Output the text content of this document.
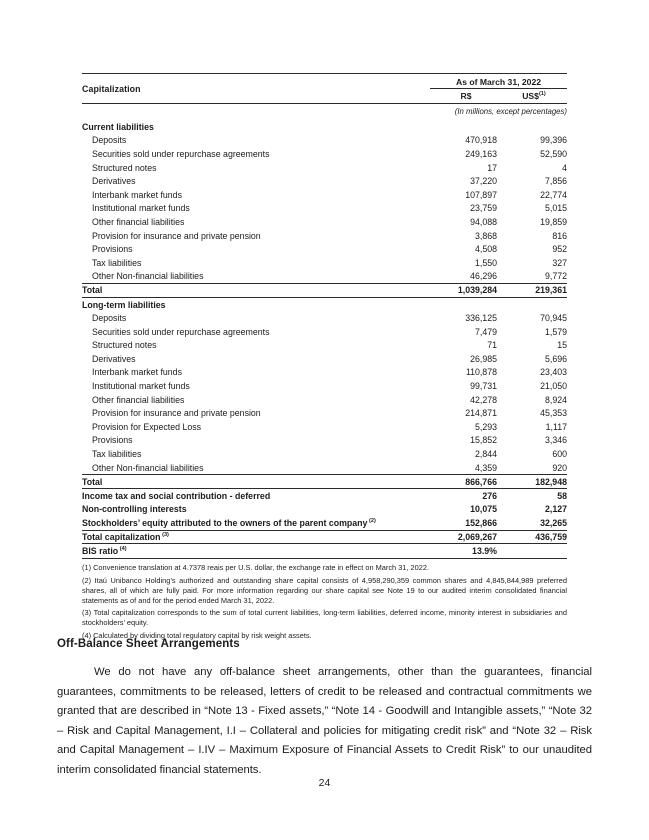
Capitalization
As of March 31, 2022
R$	US\$$^{(1)}$
(In millions, except percentages)
Current liabilities
Deposits	470,918	99,396
Securities sold under repurchase agreements	249,163	52,590
Structured notes	17	4
Derivatives	37,220	7,856
Interbank market funds	107,897	22,774
Institutional market funds	23,759	5,015
Other financial liabilities	94,088	19,859
Provision for insurance and private pension	3,868	816
Provisions	4,508	952
Tax liabilities	1,550	327
Other Non-financial liabilities	46,296	9,772
Total	1,039,284	219,361
Long-term liabilities
Deposits	336,125	70,945
Securities sold under repurchase agreements	7,479	1,579
Structured notes	71	15
Derivatives	26,985	5,696
Interbank market funds	110,878	23,403
Institutional market funds	99,731	21,050
Other financial liabilities	42,278	8,924
Provision for insurance and private pension	214,871	45,353
Provision for Expected Loss	5,293	1,117
Provisions	15,852	3,346
Tax liabilities	2,844	600
Other Non-financial liabilities	4,359	920
Total	866,766	182,948
Income tax and social contribution - deferred	276	58
Non-controlling interests	10,075	2,127
Stockholders’ equity attributed to the owners of the parent company $^{(2)}$	152,866	32,265
Total capitalization $^{(3)}$	2,069,267	436,759
BIS ratio $^{(4)}$	13.9%

(1) Convenience translation at 4.7378 reais per U.S. dollar, the exchange rate in effect on March 31, 2022.

(2) Itaú Unibanco Holding’s authorized and outstanding share capital consists of 4,958,290,359 common shares and 4,845,844,989 preferred shares, all of which are fully paid. For more information regarding our share capital see Note 19 to our audited interim consolidated financial statements as of and for the period ended March 31, 2022.

(3) Total capitalization corresponds to the sum of total current liabilities, long-term liabilities, deferred income, minority interest in subsidiaries and stockholders’ equity.

(4) Calculated by dividing total regulatory capital by risk weight assets.

Off-Balance Sheet Arrangements

We do not have any off-balance sheet arrangements, other than the guarantees, financial guarantees, commitments to be released, letters of credit to be released and contractual commitments we granted that are described in “Note 13 - Fixed assets,” “Note 14 - Goodwill and Intangible assets,” “Note 32 – Risk and Capital Management, I.I – Collateral and policies for mitigating credit risk” and “Note 32 – Risk and Capital Management – I.IV – Maximum Exposure of Financial Assets to Credit Risk” to our unaudited interim consolidated financial statements.

24
